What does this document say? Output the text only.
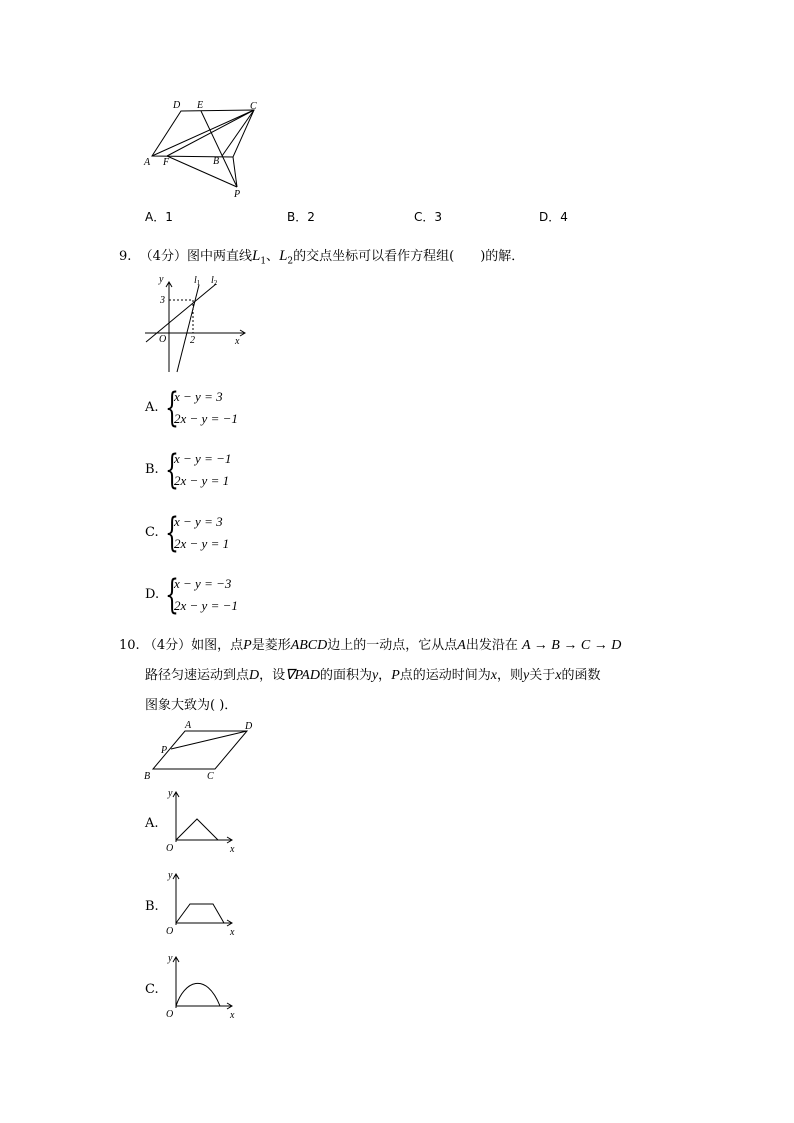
D E	C
A F	B
P
A．1	B．2	C．3	D．4
9. （4分）图中两直线$L_1$、$L_2$的交点坐标可以看作方程组(　　)的解．
y
x
O
3
2
$l_1$ $l_2$
A. {
x − y = 3
2x − y = −1
B. {
x − y = −1
2x − y = 1
C. {
x − y = 3
2x − y = 1
D. {
x − y = −3
2x − y = −1
10. （4分）如图，点P是菱形ABCD边上的一动点，它从点A出发沿在 A → B → C → D
路径匀速运动到点D，设∇PAD的面积为y，P点的运动时间为x，则y关于x的函数
图象大致为( )．
A	D
P
B	C
A.
y
O	x
B.
y
O	x
C.
y
O	x
